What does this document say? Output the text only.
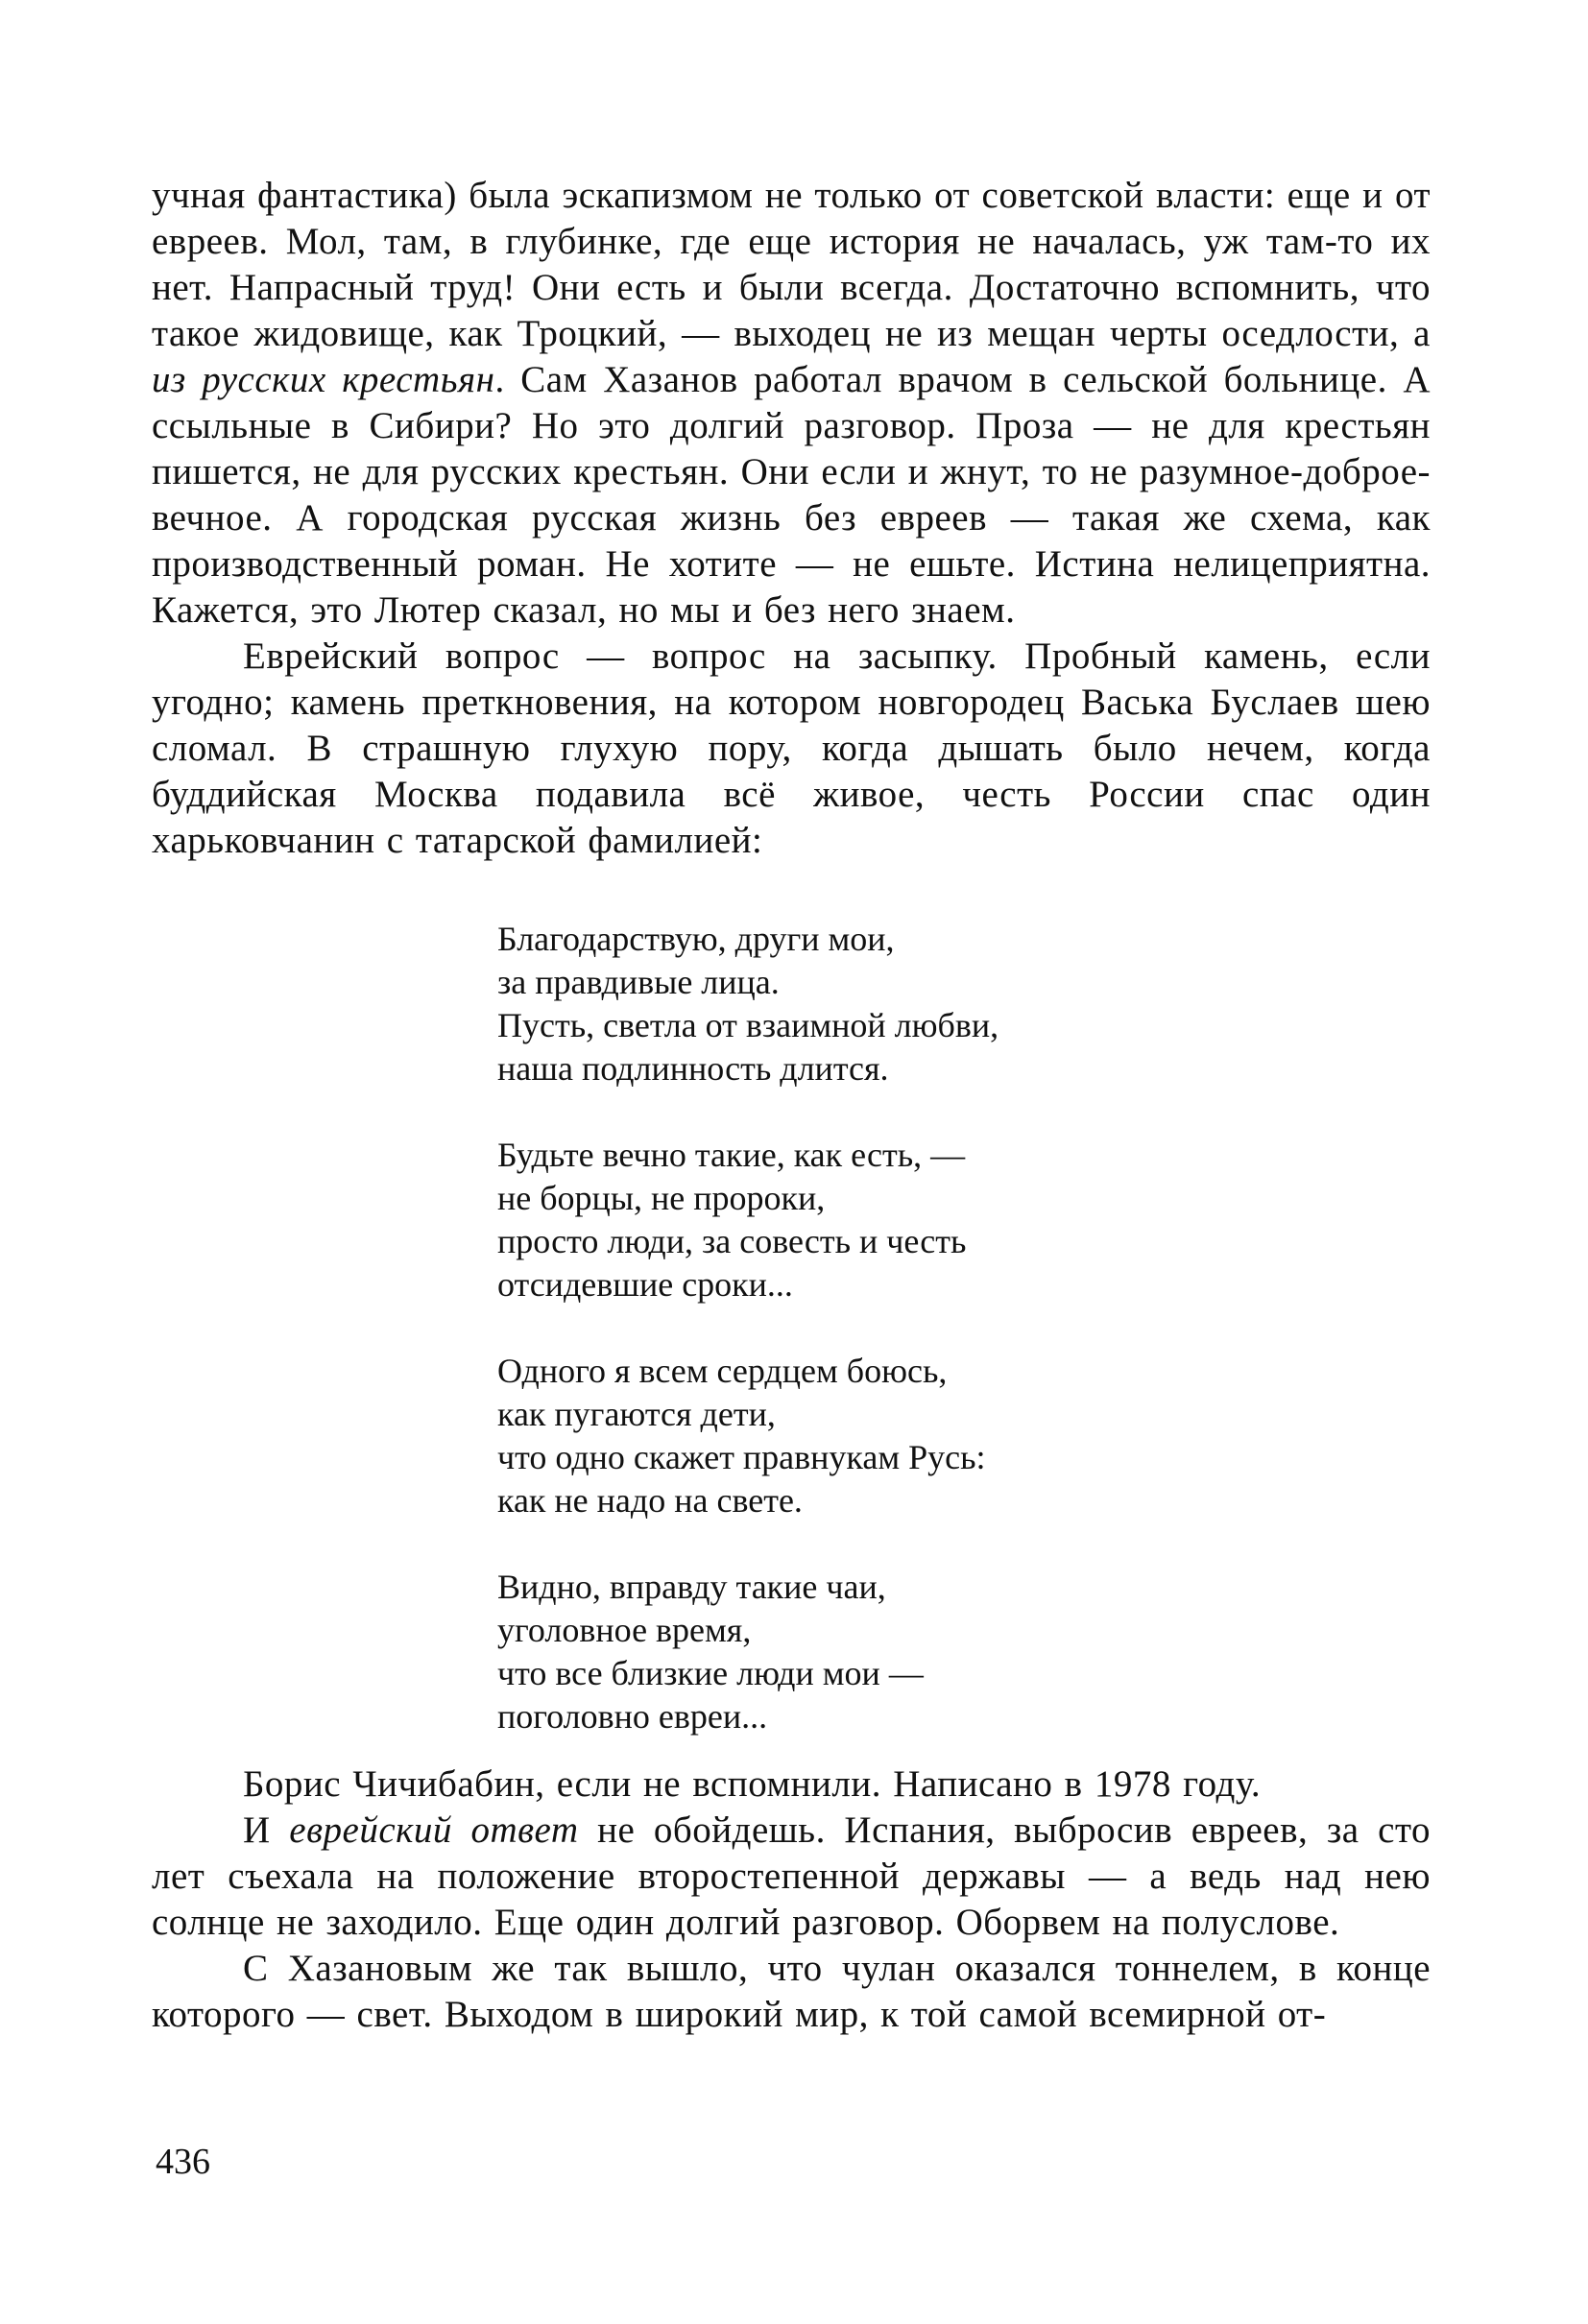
учная фантастика) была эскапизмом не только от советской власти: еще и от евреев. Мол, там, в глубинке, где еще история не началась, уж там-то их нет. Напрасный труд! Они есть и были всегда. Достаточно вспомнить, что такое жидовище, как Троцкий, — выходец не из мещан черты оседлости, а из русских крестьян. Сам Хазанов работал врачом в сельской больнице. А ссыльные в Сибири? Но это долгий разговор. Проза — не для крестьян пишется, не для русских крестьян. Они если и жнут, то не разумное-доброе-вечное. А городская русская жизнь без евреев — такая же схема, как производственный роман. Не хотите — не ешьте. Истина нелицеприятна. Кажется, это Лютер сказал, но мы и без него знаем.

Еврейский вопрос — вопрос на засыпку. Пробный камень, если угодно; камень преткновения, на котором новгородец Васька Буслаев шею сломал. В страшную глухую пору, когда дышать было нечем, когда буддийская Москва подавила всё живое, честь России спас один харьковчанин с татарской фамилией:

Благодарствую, други мои,
за правдивые лица.
Пусть, светла от взаимной любви,
наша подлинность длится.
Будьте вечно такие, как есть, —
не борцы, не пророки,
просто люди, за совесть и честь
отсидевшие сроки...
Одного я всем сердцем боюсь,
как пугаются дети,
что одно скажет правнукам Русь:
как не надо на свете.
Видно, вправду такие чаи,
уголовное время,
что все близкие люди мои —
поголовно евреи...

Борис Чичибабин, если не вспомнили. Написано в 1978 году.

И еврейский ответ не обойдешь. Испания, выбросив евреев, за сто лет съехала на положение второстепенной державы — а ведь над нею солнце не заходило. Еще один долгий разговор. Оборвем на полуслове.

С Хазановым же так вышло, что чулан оказался тоннелем, в конце которого — свет. Выходом в широкий мир, к той самой всемирной от-

436
